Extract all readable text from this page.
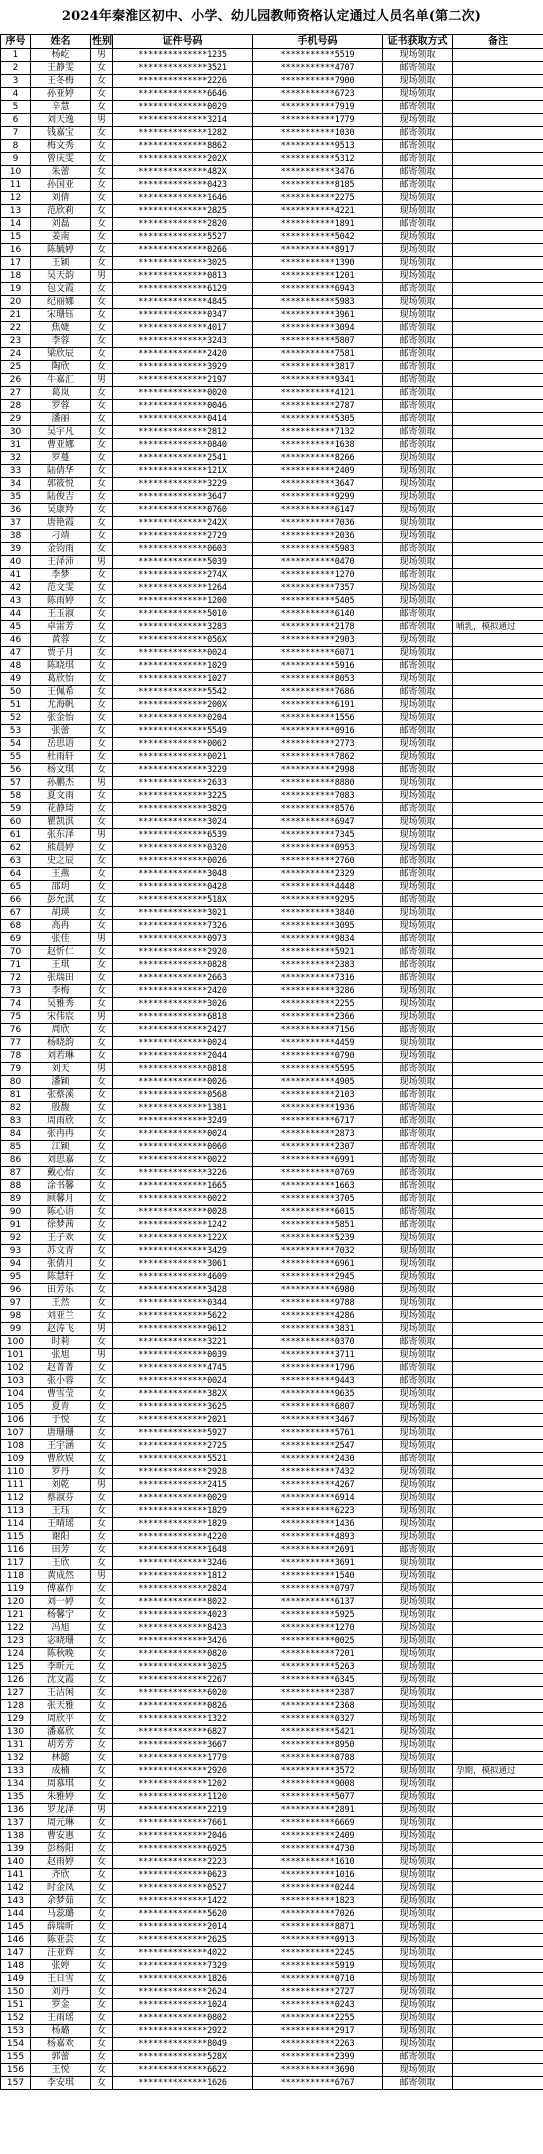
2024年秦淮区初中、小学、幼儿园教师资格认定通过人员名单(第二次)
序号	姓名	性别	证件号码	手机号码	证书获取方式	备注
1	杨屹	男	**************1235	***********5519	现场领取	
2	王静雯	女	**************3521	***********4707	邮寄领取	
3	王冬梅	女	**************2226	***********7900	现场领取	
4	孙亚婷	女	**************6646	***********6723	现场领取	
5	辛慧	女	**************0029	***********7919	邮寄领取	
6	刘天逸	男	**************3214	***********1779	现场领取	
7	钱嘉宝	女	**************1282	***********1030	邮寄领取	
8	梅文秀	女	**************8862	***********9513	邮寄领取	
9	曾庆雯	女	**************202X	***********5312	邮寄领取	
10	朱蕾	女	**************482X	***********3476	邮寄领取	
11	孙国亚	女	**************0423	***********8185	邮寄领取	
12	刘倩	女	**************1646	***********2275	现场领取	
13	范欣莉	女	**************2825	***********4221	现场领取	
14	刘磊	女	**************2820	***********1891	邮寄领取	
15	姜南	女	**************5527	***********5042	现场领取	
16	陈毓婷	女	**************0266	***********8917	现场领取	
17	王颖	女	**************3025	***********1390	现场领取	
18	吴天韵	男	**************0813	***********1201	现场领取	
19	包文霞	女	**************6129	***********6943	邮寄领取	
20	纪丽娜	女	**************4845	***********5983	现场领取	
21	宋珊钰	女	**************0347	***********3961	现场领取	
22	焦婕	女	**************4017	***********3094	邮寄领取	
23	李蓉	女	**************3243	***********5807	邮寄领取	
24	梁欣辰	女	**************2420	***********7581	邮寄领取	
25	陶欣	女	**************3929	***********3817	邮寄领取	
26	牛嘉汇	男	**************2197	***********9341	邮寄领取	
27	葛岚	女	**************0020	***********4121	邮寄领取	
28	罗蓉	女	**************0046	***********2787	邮寄领取	
29	潘丽	女	**************0414	***********5305	邮寄领取	
30	吴宇凡	女	**************2812	***********7132	邮寄领取	
31	曹亚娜	女	**************0840	***********1638	邮寄领取	
32	罗蔓	女	**************2541	***********8266	现场领取	
33	陆倩华	女	**************121X	***********2409	现场领取	
34	郭筱悦	女	**************3229	***********3647	现场领取	
35	陆俊吉	女	**************3647	***********9299	现场领取	
36	吴康羚	女	**************0760	***********6147	现场领取	
37	唐艳霞	女	**************242X	***********7036	现场领取	
38	刁靖	女	**************2729	***********2036	现场领取	
39	金钧雨	女	**************0603	***********5983	邮寄领取	
40	王泽沛	男	**************5039	***********0470	现场领取	
41	李梦	女	**************274X	***********1270	邮寄领取	
42	范文雯	女	**************1264	***********7357	现场领取	
43	陈雨婷	女	**************1200	***********5405	现场领取	
44	王玉淑	女	**************5010	***********6140	邮寄领取	
45	卓雷芳	女	**************3283	***********2178	邮寄领取	哺乳，模拟通过
46	黄蓉	女	**************056X	***********2903	现场领取	
47	贾子月	女	**************0024	***********6071	现场领取	
48	陈晓琪	女	**************1029	***********5916	邮寄领取	
49	葛欣怡	女	**************1027	***********8053	现场领取	
50	王佩希	女	**************5542	***********7686	邮寄领取	
51	尤海帆	女	**************200X	***********6191	现场领取	
52	张金怡	女	**************0204	***********1556	现场领取	
53	张蕾	女	**************5549	***********0916	邮寄领取	
54	岳思语	女	**************0062	***********2773	现场领取	
55	杜雨轩	女	**************0021	***********7862	现场领取	
56	杨文琪	女	**************3229	***********2998	邮寄领取	
57	孙鹏杰	男	**************2633	***********8880	现场领取	
58	夏文雨	女	**************3225	***********7083	现场领取	
59	花静琦	女	**************3829	***********8576	邮寄领取	
60	瞿凯淇	女	**************3024	***********6947	现场领取	
61	张东泽	男	**************6539	***********7345	现场领取	
62	熊晨婷	女	**************0320	***********0953	现场领取	
63	史之辰	女	**************0026	***********2760	邮寄领取	
64	王燕	女	**************3048	***********2329	邮寄领取	
65	邵玥	女	**************0428	***********4448	现场领取	
66	彭允淇	女	**************518X	***********9295	邮寄领取	
67	胡瑛	女	**************3021	***********3840	现场领取	
68	高冉	女	**************7326	***********3095	现场领取	
69	张佳	男	**************0973	***********9834	邮寄领取	
70	赵忻仁	女	**************2920	***********5921	邮寄领取	
71	王琪	女	**************0828	***********2383	邮寄领取	
72	张瑞田	女	**************2663	***********7316	邮寄领取	
73	李梅	女	**************2420	***********3286	现场领取	
74	吴雅秀	女	**************3026	***********2255	现场领取	
75	宋伟宸	男	**************6818	***********2366	现场领取	
76	周欣	女	**************2427	***********7156	邮寄领取	
77	杨晓韵	女	**************0024	***********4459	现场领取	
78	刘若琳	女	**************2044	***********0790	现场领取	
79	刘天	男	**************0818	***********5595	邮寄领取	
80	潘颖	女	**************0026	***********4905	现场领取	
81	张蔡溪	女	**************0568	***********2103	邮寄领取	
82	殷馥	女	**************1381	***********1936	邮寄领取	
83	周雨欣	女	**************3249	***********6717	邮寄领取	
84	张冉冉	女	**************0024	***********2873	邮寄领取	
85	江颖	女	**************0060	***********2307	邮寄领取	
86	刘思嘉	女	**************0022	***********6991	邮寄领取	
87	戴心怡	女	**************3226	***********0769	邮寄领取	
88	涂书馨	女	**************1665	***********1663	邮寄领取	
89	顾馨月	女	**************0022	***********3705	邮寄领取	
90	陈心语	女	**************0028	***********6015	邮寄领取	
91	徐梦茜	女	**************1242	***********5851	邮寄领取	
92	王子欢	女	**************122X	***********5239	现场领取	
93	苏文青	女	**************3429	***********7032	现场领取	
94	张倩月	女	**************3061	***********6961	现场领取	
95	陈慧轩	女	**************4609	***********2945	现场领取	
96	田芳乐	女	**************3428	***********6980	现场领取	
97	王然	女	**************0344	***********9788	现场领取	
98	刘亚兰	女	**************5622	***********4286	现场领取	
99	赵涛飞	男	**************9612	***********3831	现场领取	
100	时莉	女	**************3221	***********0370	邮寄领取	
101	张旭	男	**************0039	***********3711	现场领取	
102	赵菁菁	女	**************4745	***********1796	邮寄领取	
103	张小蓉	女	**************0024	***********9443	邮寄领取	
104	曹雪莹	女	**************382X	***********9635	现场领取	
105	夏青	女	**************3625	***********6807	现场领取	
106	于悦	女	**************2021	***********3467	现场领取	
107	唐珊珊	女	**************5927	***********5761	现场领取	
108	王宇涵	女	**************2725	***********2547	现场领取	
109	曹欣娱	女	**************5521	***********2430	邮寄领取	
110	罗丹	女	**************2928	***********7432	现场领取	
111	刘乾	男	**************2415	***********4267	现场领取	
112	蔡淑芬	女	**************0029	***********6914	现场领取	
113	王珏	女	**************1829	***********6223	现场领取	
114	王晴瑶	女	**************1829	***********1436	现场领取	
115	谢阳	女	**************4220	***********4893	现场领取	
116	田芳	女	**************1648	***********2691	邮寄领取	
117	王欣	女	**************3246	***********3691	现场领取	
118	黄成然	男	**************1812	***********1540	现场领取	
119	傅嘉作	女	**************2824	***********0797	现场领取	
120	刘一婷	女	**************8022	***********6137	现场领取	
121	杨馨宁	女	**************4023	***********5925	现场领取	
122	冯旭	女	**************8423	***********1270	现场领取	
123	宓晓珊	女	**************3426	***********0025	现场领取	
124	陈秋晚	女	**************0820	***********7201	现场领取	
125	李昕元	女	**************3025	***********5263	现场领取	
126	沈文霞	女	**************2267	***********6345	现场领取	
127	王洁闲	女	**************6020	***********2387	现场领取	
128	张天雅	女	**************0826	***********2368	现场领取	
129	周欣平	女	**************1322	***********0327	现场领取	
130	潘嘉欣	女	**************6827	***********5421	现场领取	
131	胡芳芳	女	**************3667	***********8950	现场领取	
132	林懿	女	**************1779	***********0788	现场领取	
133	成楠	女	**************2920	***********3572	现场领取	孕期，模拟通过
134	周慕琪	女	**************1202	***********9008	现场领取	
135	朱雅婷	女	**************1120	***********5077	现场领取	
136	罗龙泽	男	**************2219	***********2891	现场领取	
137	周元琳	女	**************7661	***********6669	现场领取	
138	曹安惠	女	**************2046	***********2409	现场领取	
139	彭杨阳	女	**************6925	***********4730	现场领取	
140	赵雨婷	女	**************2223	***********1610	现场领取	
141	齐欣	女	**************0623	***********1016	现场领取	
142	时金凤	女	**************0527	***********0244	现场领取	
143	余梦茹	女	**************1422	***********1823	现场领取	
144	马蕊璐	女	**************5620	***********7026	现场领取	
145	薛瑞昕	女	**************2014	***********8871	现场领取	
146	陈亚芸	女	**************2625	***********0913	现场领取	
147	汪亚辉	女	**************4022	***********2245	现场领取	
148	张婷	女	**************7329	***********5919	现场领取	
149	王日雪	女	**************1826	***********0710	现场领取	
150	刘丹	女	**************2624	***********2727	现场领取	
151	罗金	女	**************1024	***********0243	现场领取	
152	王雨瑶	女	**************0802	***********2255	现场领取	
153	杨璐	女	**************2922	***********2917	现场领取	
154	杨嘉欢	女	**************8049	***********2263	现场领取	
155	郭蕾	女	**************528X	***********2399	邮寄领取	
156	王悦	女	**************6622	***********3690	现场领取	
157	李安琪	女	**************1626	***********6767	邮寄领取	
